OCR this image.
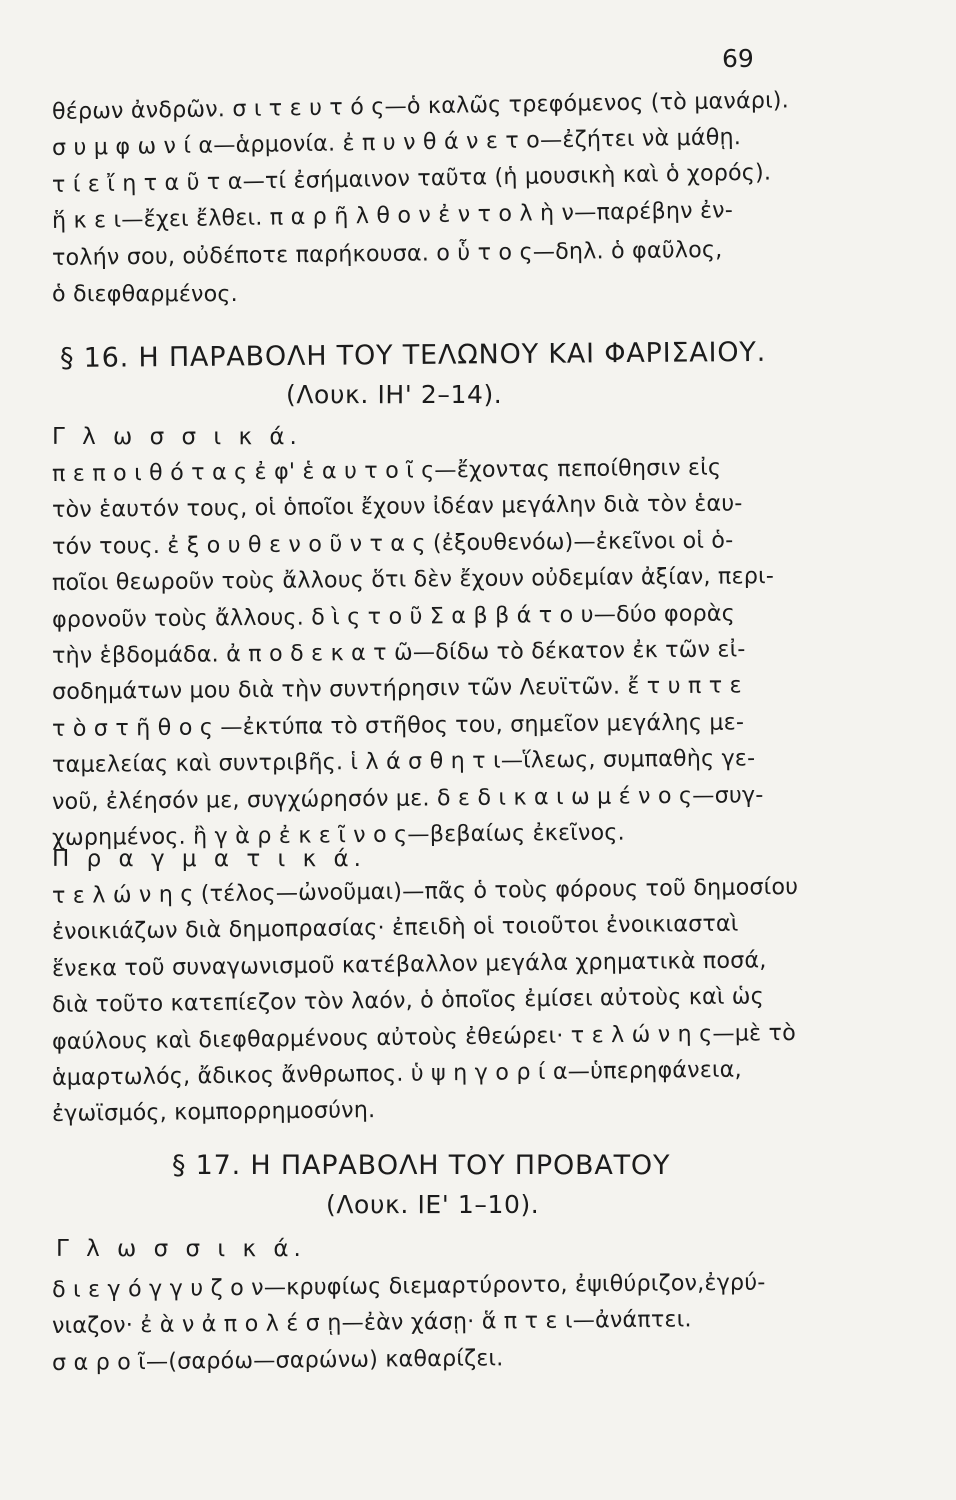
69
θέρων ἀνδρῶν. σ ι τ ε υ τ ό ς—ὁ καλῶς τρεφόμενος (τὸ μανάρι).
σ υ μ φ ω ν ί α—ἁρμονία. ἐ π υ ν θ ά ν ε τ ο—ἐζήτει νὰ μάθῃ.
τ ί ε ἴ η τ α ῦ τ α—τί ἐσήμαινον ταῦτα (ἡ μουσικὴ καὶ ὁ χορός).
ἥ κ ε ι—ἔχει ἔλθει. π α ρ ῆ λ θ ο ν ἐ ν τ ο λ ὴ ν—παρέβην ἐν-
τολήν σου, οὐδέποτε παρήκουσα. ο ὗ τ ο ς—δηλ. ὁ φαῦλος,
ὁ διεφθαρμένος.
§ 16. Η ΠΑΡΑΒΟΛΗ ΤΟΥ ΤΕΛΩΝΟΥ ΚΑΙ ΦΑΡΙΣΑΙΟΥ.
(Λουκ. ΙΗ' 2–14).
Γ λ ω σ σ ι κ ά.
π ε π ο ι θ ό τ α ς ἐ φ' ἑ α υ τ ο ῖ ς—ἔχοντας πεποίθησιν εἰς
τὸν ἑαυτόν τους, οἱ ὁποῖοι ἔχουν ἰδέαν μεγάλην διὰ τὸν ἑαυ-
τόν τους. ἐ ξ ο υ θ ε ν ο ῦ ν τ α ς (ἐξουθενόω)—ἐκεῖνοι οἱ ὁ-
ποῖοι θεωροῦν τοὺς ἄλλους ὅτι δὲν ἔχουν οὐδεμίαν ἀξίαν, περι-
φρονοῦν τοὺς ἄλλους. δ ὶ ς τ ο ῦ Σ α β β ά τ ο υ—δύο φορὰς
τὴν ἑβδομάδα. ἀ π ο δ ε κ α τ ῶ—δίδω τὸ δέκατον ἐκ τῶν εἰ-
σοδημάτων μου διὰ τὴν συντήρησιν τῶν Λευϊτῶν. ἔ τ υ π τ ε
τ ὸ σ τ ῆ θ ο ς —ἐκτύπα τὸ στῆθος του, σημεῖον μεγάλης με-
ταμελείας καὶ συντριβῆς. ἱ λ ά σ θ η τ ι—ἵλεως, συμπαθὴς γε-
νοῦ, ἐλέησόν με, συγχώρησόν με. δ ε δ ι κ α ι ω μ έ ν ο ς—συγ-
χωρημένος. ἢ γ ὰ ρ ἐ κ ε ῖ ν ο ς—βεβαίως ἐκεῖνος.
Π ρ α γ μ α τ ι κ ά.
τ ε λ ώ ν η ς (τέλος—ὠνοῦμαι)—πᾶς ὁ τοὺς φόρους τοῦ δημοσίου
ἐνοικιάζων διὰ δημοπρασίας· ἐπειδὴ οἱ τοιοῦτοι ἐνοικιασταὶ
ἕνεκα τοῦ συναγωνισμοῦ κατέβαλλον μεγάλα χρηματικὰ ποσά,
διὰ τοῦτο κατεπίεζον τὸν λαόν, ὁ ὁποῖος ἐμίσει αὐτοὺς καὶ ὡς
φαύλους καὶ διεφθαρμένους αὐτοὺς ἐθεώρει· τ ε λ ώ ν η ς—μὲ τὸ
ἁμαρτωλός, ἄδικος ἄνθρωπος. ὑ ψ η γ ο ρ ί α—ὑπερηφάνεια,
ἐγωϊσμός, κομπορρημοσύνη.
§ 17. Η ΠΑΡΑΒΟΛΗ ΤΟΥ ΠΡΟΒΑΤΟΥ
(Λουκ. ΙΕ' 1–10).
Γ λ ω σ σ ι κ ά.
δ ι ε γ ό γ γ υ ζ ο ν—κρυφίως διεμαρτύροντο, ἐψιθύριζον,ἐγρύ-
νιαζον· ἐ ὰ ν ἀ π ο λ έ σ ῃ—ἐὰν χάσῃ· ἅ π τ ε ι—ἀνάπτει.
σ α ρ ο ῖ—(σαρόω—σαρώνω) καθαρίζει.
